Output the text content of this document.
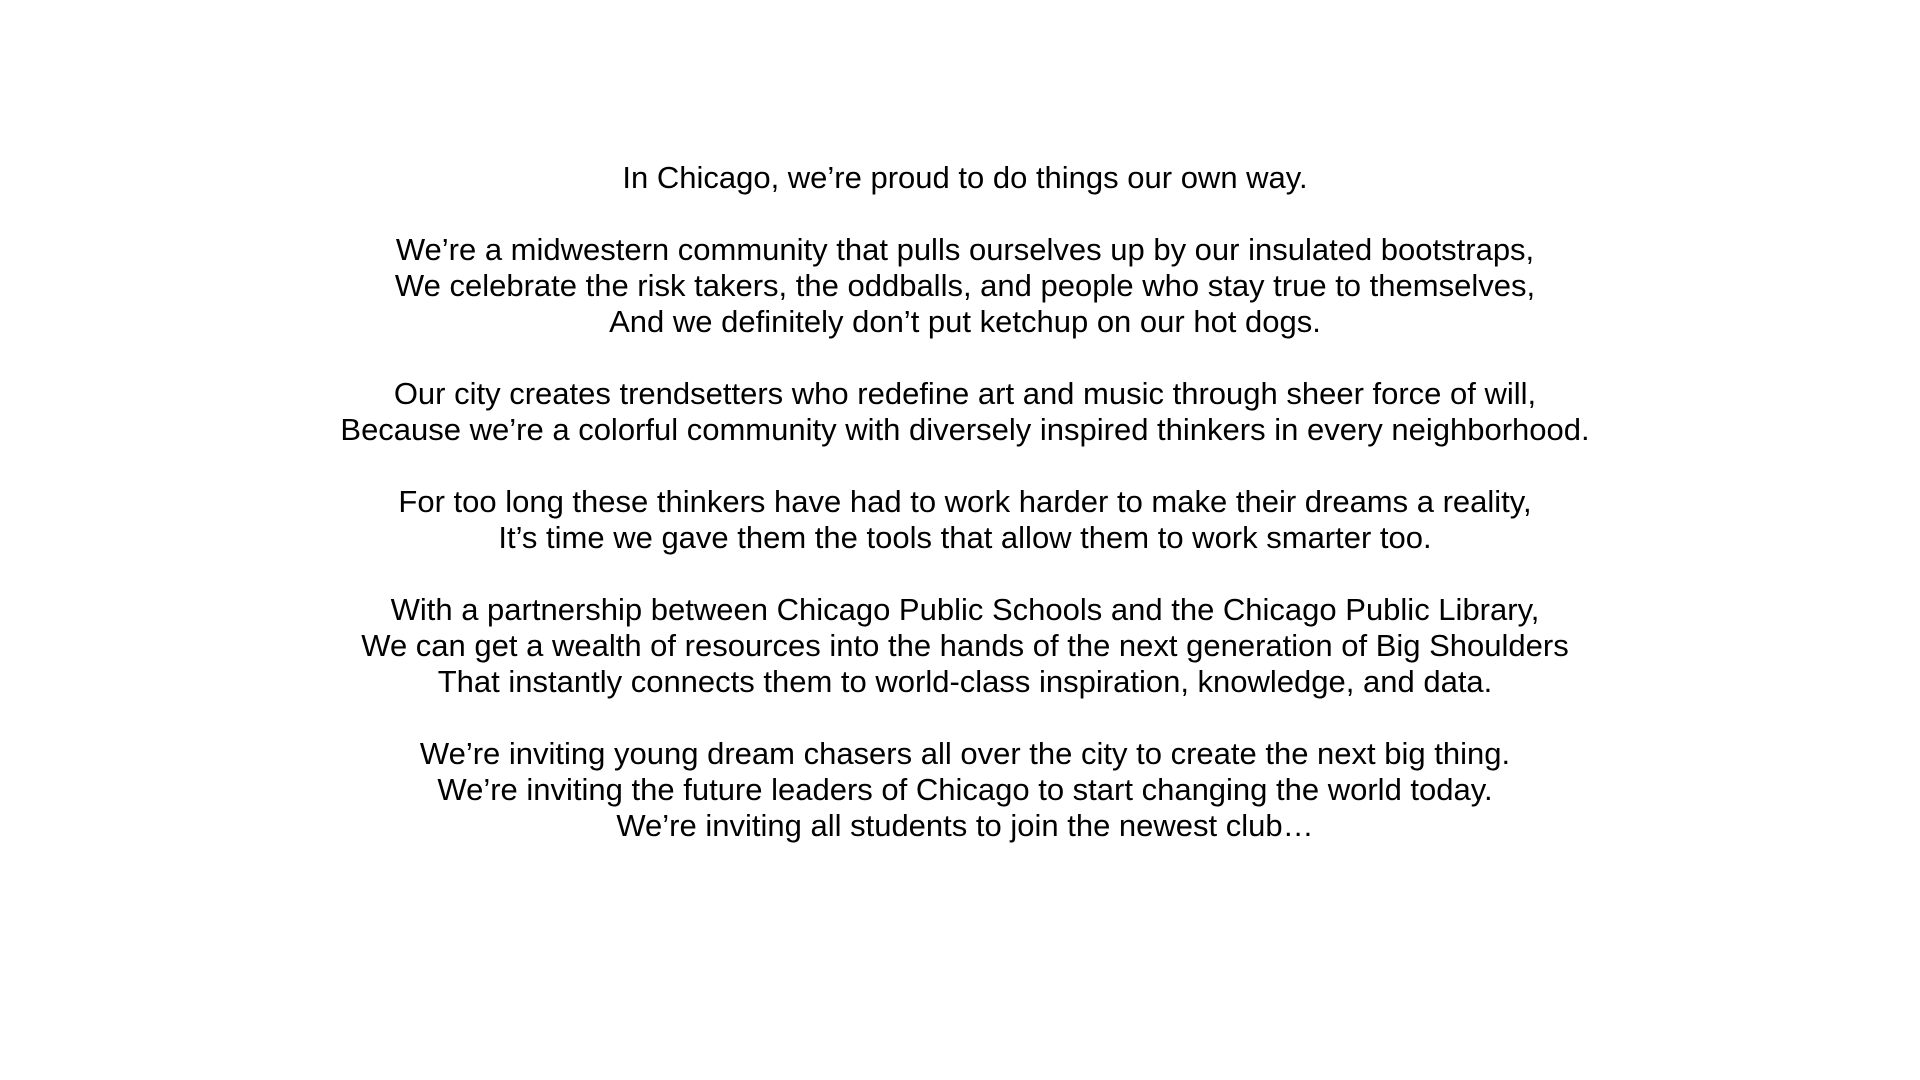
In Chicago, we’re proud to do things our own way.
We’re a midwestern community that pulls ourselves up by our insulated bootstraps,
We celebrate the risk takers, the oddballs, and people who stay true to themselves,
And we definitely don’t put ketchup on our hot dogs.
Our city creates trendsetters who redefine art and music through sheer force of will,
Because we’re a colorful community with diversely inspired thinkers in every neighborhood.
For too long these thinkers have had to work harder to make their dreams a reality,
It’s time we gave them the tools that allow them to work smarter too.
With a partnership between Chicago Public Schools and the Chicago Public Library,
We can get a wealth of resources into the hands of the next generation of Big Shoulders
That instantly connects them to world-class inspiration, knowledge, and data.
We’re inviting young dream chasers all over the city to create the next big thing.
We’re inviting the future leaders of Chicago to start changing the world today.
We’re inviting all students to join the newest club…
